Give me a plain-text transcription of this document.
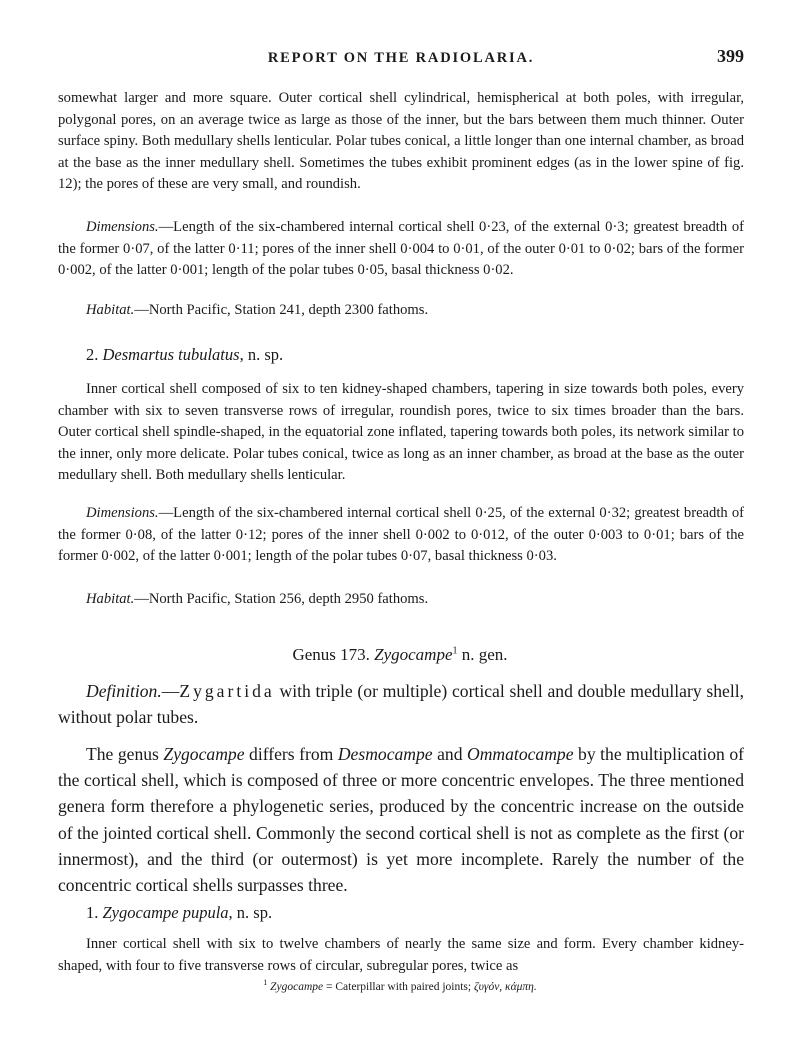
REPORT ON THE RADIOLARIA.	399
somewhat larger and more square. Outer cortical shell cylindrical, hemispherical at both poles, with irregular, polygonal pores, on an average twice as large as those of the inner, but the bars between them much thinner. Outer surface spiny. Both medullary shells lenticular. Polar tubes conical, a little longer than one internal chamber, as broad at the base as the inner medullary shell. Sometimes the tubes exhibit prominent edges (as in the lower spine of fig. 12); the pores of these are very small, and roundish.
Dimensions.—Length of the six-chambered internal cortical shell 0·23, of the external 0·3; greatest breadth of the former 0·07, of the latter 0·11; pores of the inner shell 0·004 to 0·01, of the outer 0·01 to 0·02; bars of the former 0·002, of the latter 0·001; length of the polar tubes 0·05, basal thickness 0·02.
Habitat.—North Pacific, Station 241, depth 2300 fathoms.
2. Desmartus tubulatus, n. sp.
Inner cortical shell composed of six to ten kidney-shaped chambers, tapering in size towards both poles, every chamber with six to seven transverse rows of irregular, roundish pores, twice to six times broader than the bars. Outer cortical shell spindle-shaped, in the equatorial zone inflated, tapering towards both poles, its network similar to the inner, only more delicate. Polar tubes conical, twice as long as an inner chamber, as broad at the base as the outer medullary shell. Both medullary shells lenticular.
Dimensions.—Length of the six-chambered internal cortical shell 0·25, of the external 0·32; greatest breadth of the former 0·08, of the latter 0·12; pores of the inner shell 0·002 to 0·012, of the outer 0·003 to 0·01; bars of the former 0·002, of the latter 0·001; length of the polar tubes 0·07, basal thickness 0·03.
Habitat.—North Pacific, Station 256, depth 2950 fathoms.
Genus 173. Zygocampe$^1$ n. gen.
Definition.—Zygartida with triple (or multiple) cortical shell and double medullary shell, without polar tubes.
The genus Zygocampe differs from Desmocampe and Ommatocampe by the multiplication of the cortical shell, which is composed of three or more concentric envelopes. The three mentioned genera form therefore a phylogenetic series, produced by the concentric increase on the outside of the jointed cortical shell. Commonly the second cortical shell is not as complete as the first (or innermost), and the third (or outermost) is yet more incomplete. Rarely the number of the concentric cortical shells surpasses three.
1. Zygocampe pupula, n. sp.
Inner cortical shell with six to twelve chambers of nearly the same size and form. Every chamber kidney-shaped, with four to five transverse rows of circular, subregular pores, twice as
$^1$ Zygocampe = Caterpillar with paired joints; ζυγόν, κάμπη.
